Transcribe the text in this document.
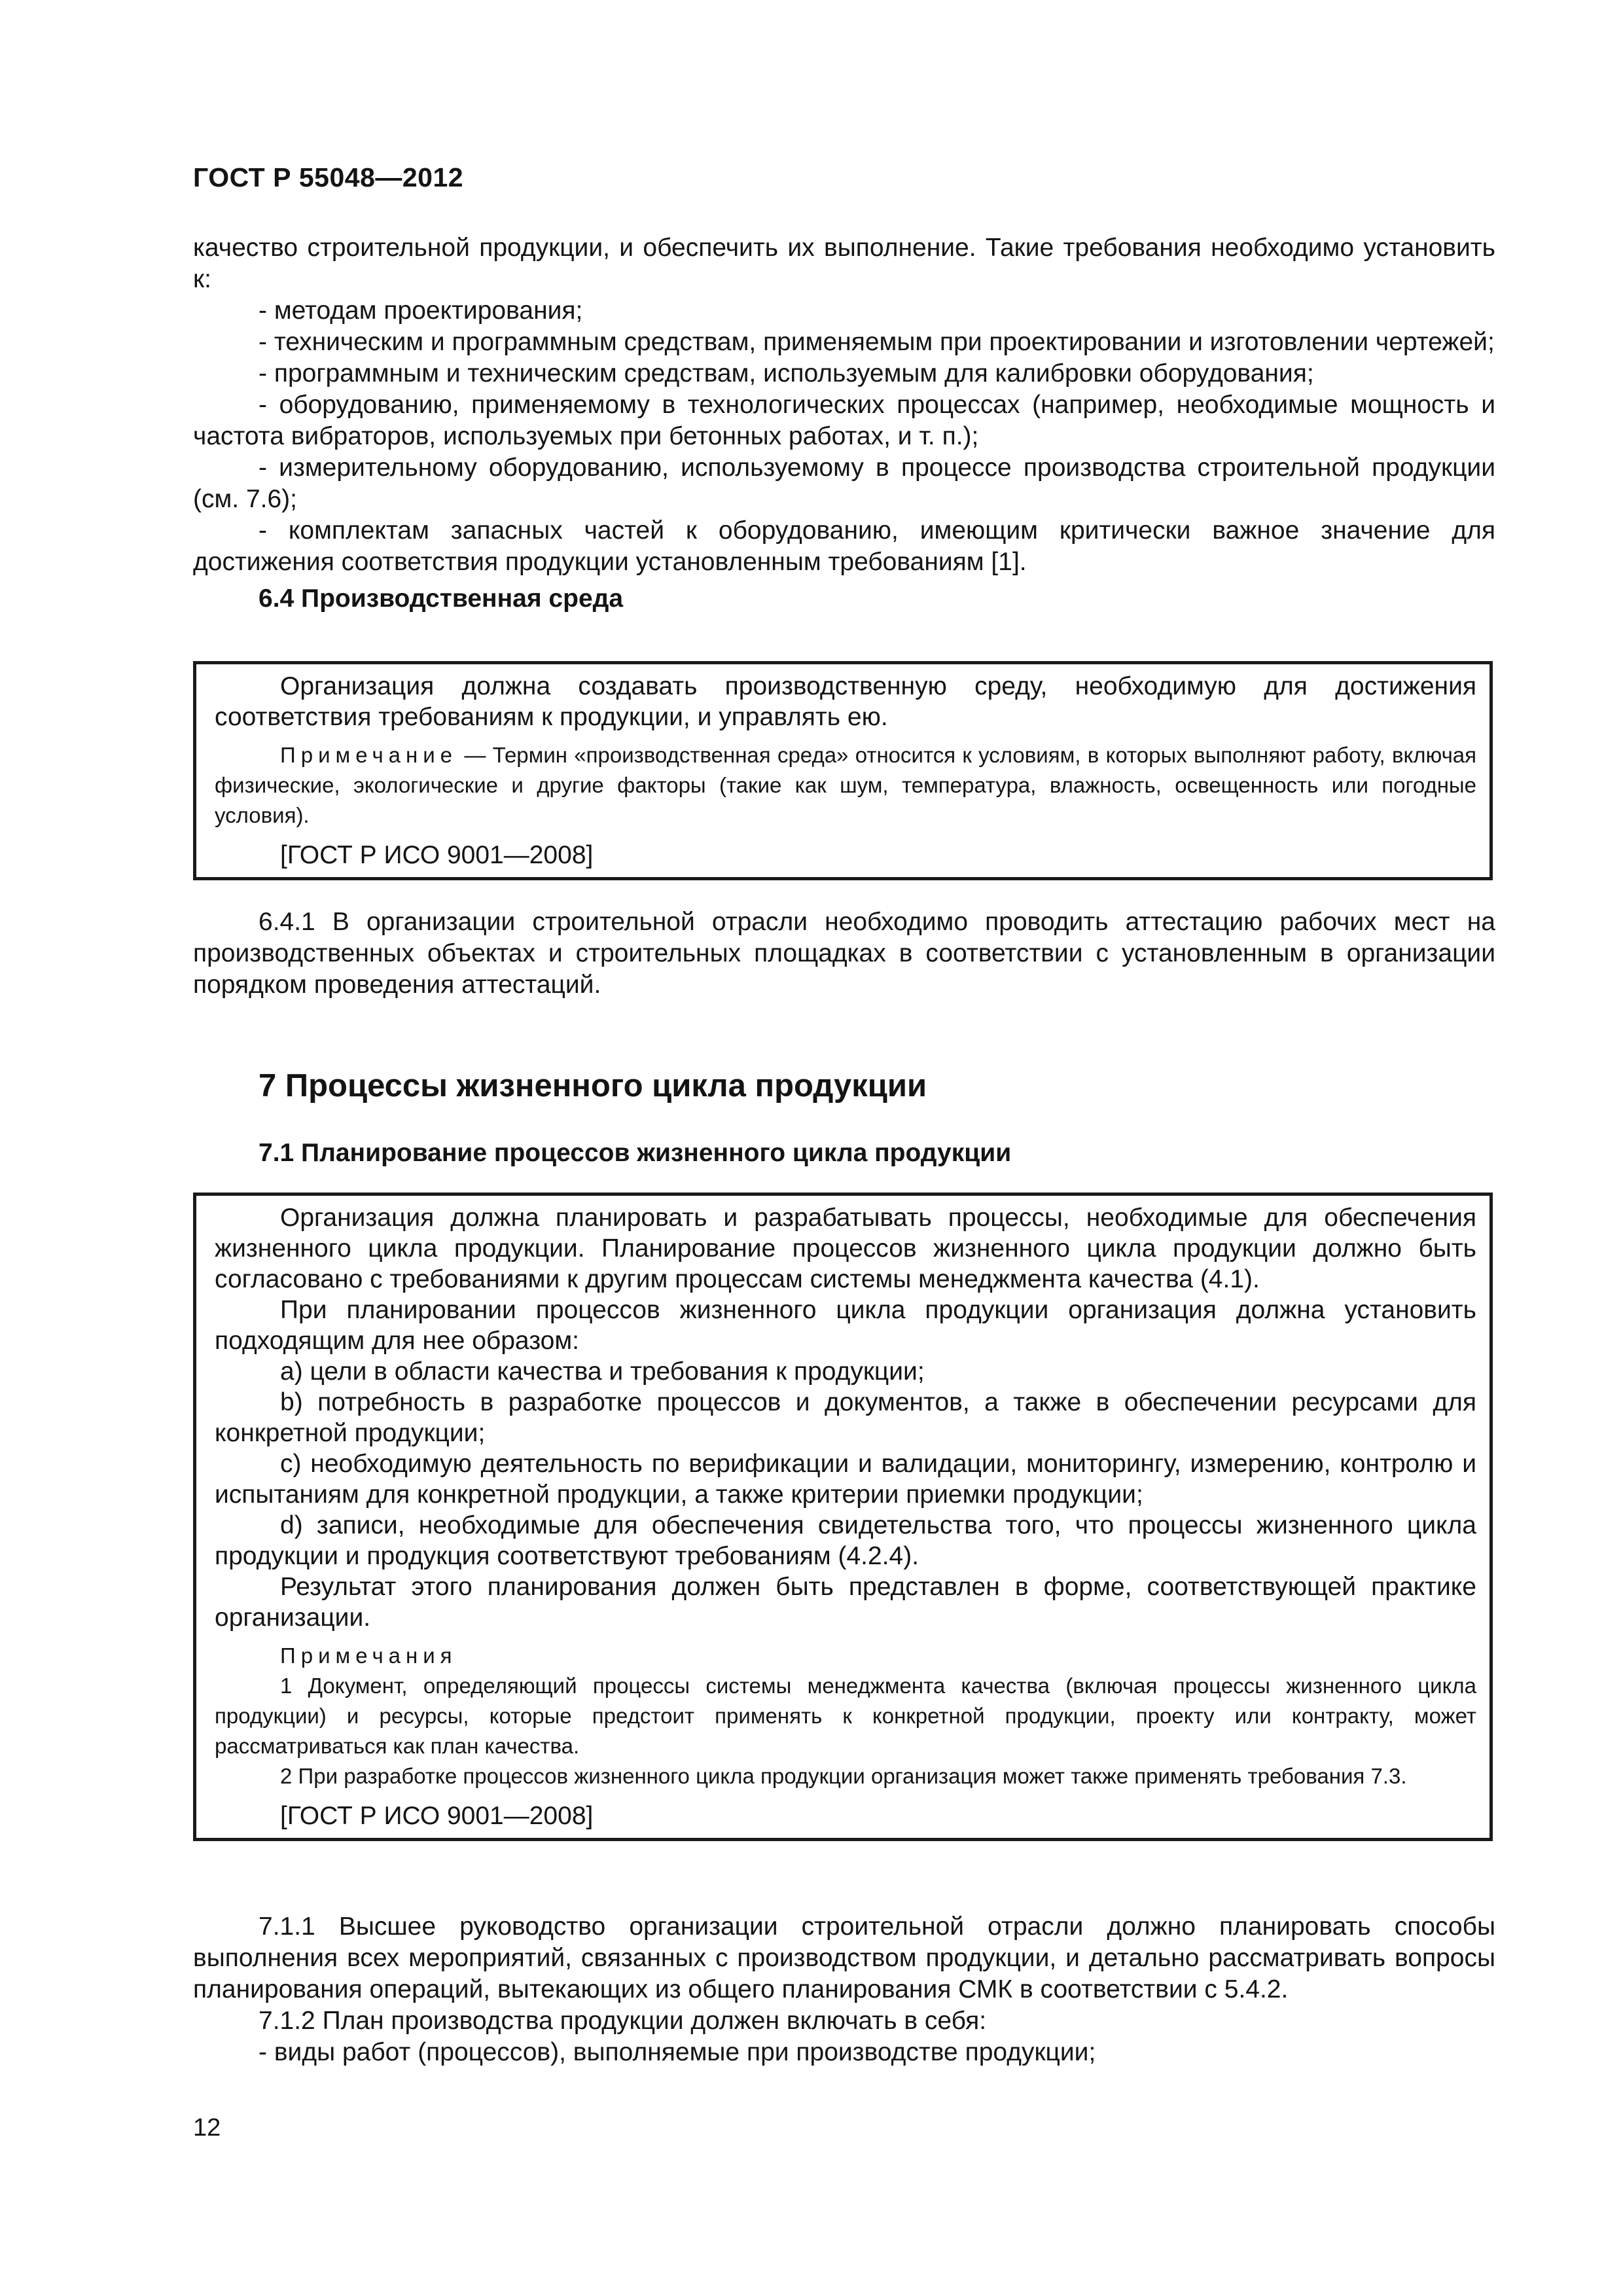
ГОСТ Р 55048—2012

качество строительной продукции, и обеспечить их выполнение. Такие требования необходимо установить к:

- методам проектирования;

- техническим и программным средствам, применяемым при проектировании и изготовлении чертежей;

- программным и техническим средствам, используемым для калибровки оборудования;

- оборудованию, применяемому в технологических процессах (например, необходимые мощность и частота вибраторов, используемых при бетонных работах, и т. п.);

- измерительному оборудованию, используемому в процессе производства строительной продукции (см. 7.6);

- комплектам запасных частей к оборудованию, имеющим критически важное значение для достижения соответствия продукции установленным требованиям [1].

6.4 Производственная среда

Организация должна создавать производственную среду, необходимую для достижения соответствия требованиям к продукции, и управлять ею.

Примечание — Термин «производственная среда» относится к условиям, в которых выполняют работу, включая физические, экологические и другие факторы (такие как шум, температура, влажность, освещенность или погодные условия).

[ГОСТ Р ИСО 9001—2008]

6.4.1 В организации строительной отрасли необходимо проводить аттестацию рабочих мест на производственных объектах и строительных площадках в соответствии с установленным в организации порядком проведения аттестаций.

7 Процессы жизненного цикла продукции

7.1 Планирование процессов жизненного цикла продукции

Организация должна планировать и разрабатывать процессы, необходимые для обеспечения жизненного цикла продукции. Планирование процессов жизненного цикла продукции должно быть согласовано с требованиями к другим процессам системы менеджмента качества (4.1).

При планировании процессов жизненного цикла продукции организация должна установить подходящим для нее образом:

a) цели в области качества и требования к продукции;

b) потребность в разработке процессов и документов, а также в обеспечении ресурсами для конкретной продукции;

c) необходимую деятельность по верификации и валидации, мониторингу, измерению, контролю и испытаниям для конкретной продукции, а также критерии приемки продукции;

d) записи, необходимые для обеспечения свидетельства того, что процессы жизненного цикла продукции и продукция соответствуют требованиям (4.2.4).

Результат этого планирования должен быть представлен в форме, соответствующей практике организации.

Примечания

1 Документ, определяющий процессы системы менеджмента качества (включая процессы жизненного цикла продукции) и ресурсы, которые предстоит применять к конкретной продукции, проекту или контракту, может рассматриваться как план качества.

2 При разработке процессов жизненного цикла продукции организация может также применять требования 7.3.

[ГОСТ Р ИСО 9001—2008]

7.1.1 Высшее руководство организации строительной отрасли должно планировать способы выполнения всех мероприятий, связанных с производством продукции, и детально рассматривать вопросы планирования операций, вытекающих из общего планирования СМК в соответствии с 5.4.2.

7.1.2 План производства продукции должен включать в себя:

- виды работ (процессов), выполняемые при производстве продукции;

12
